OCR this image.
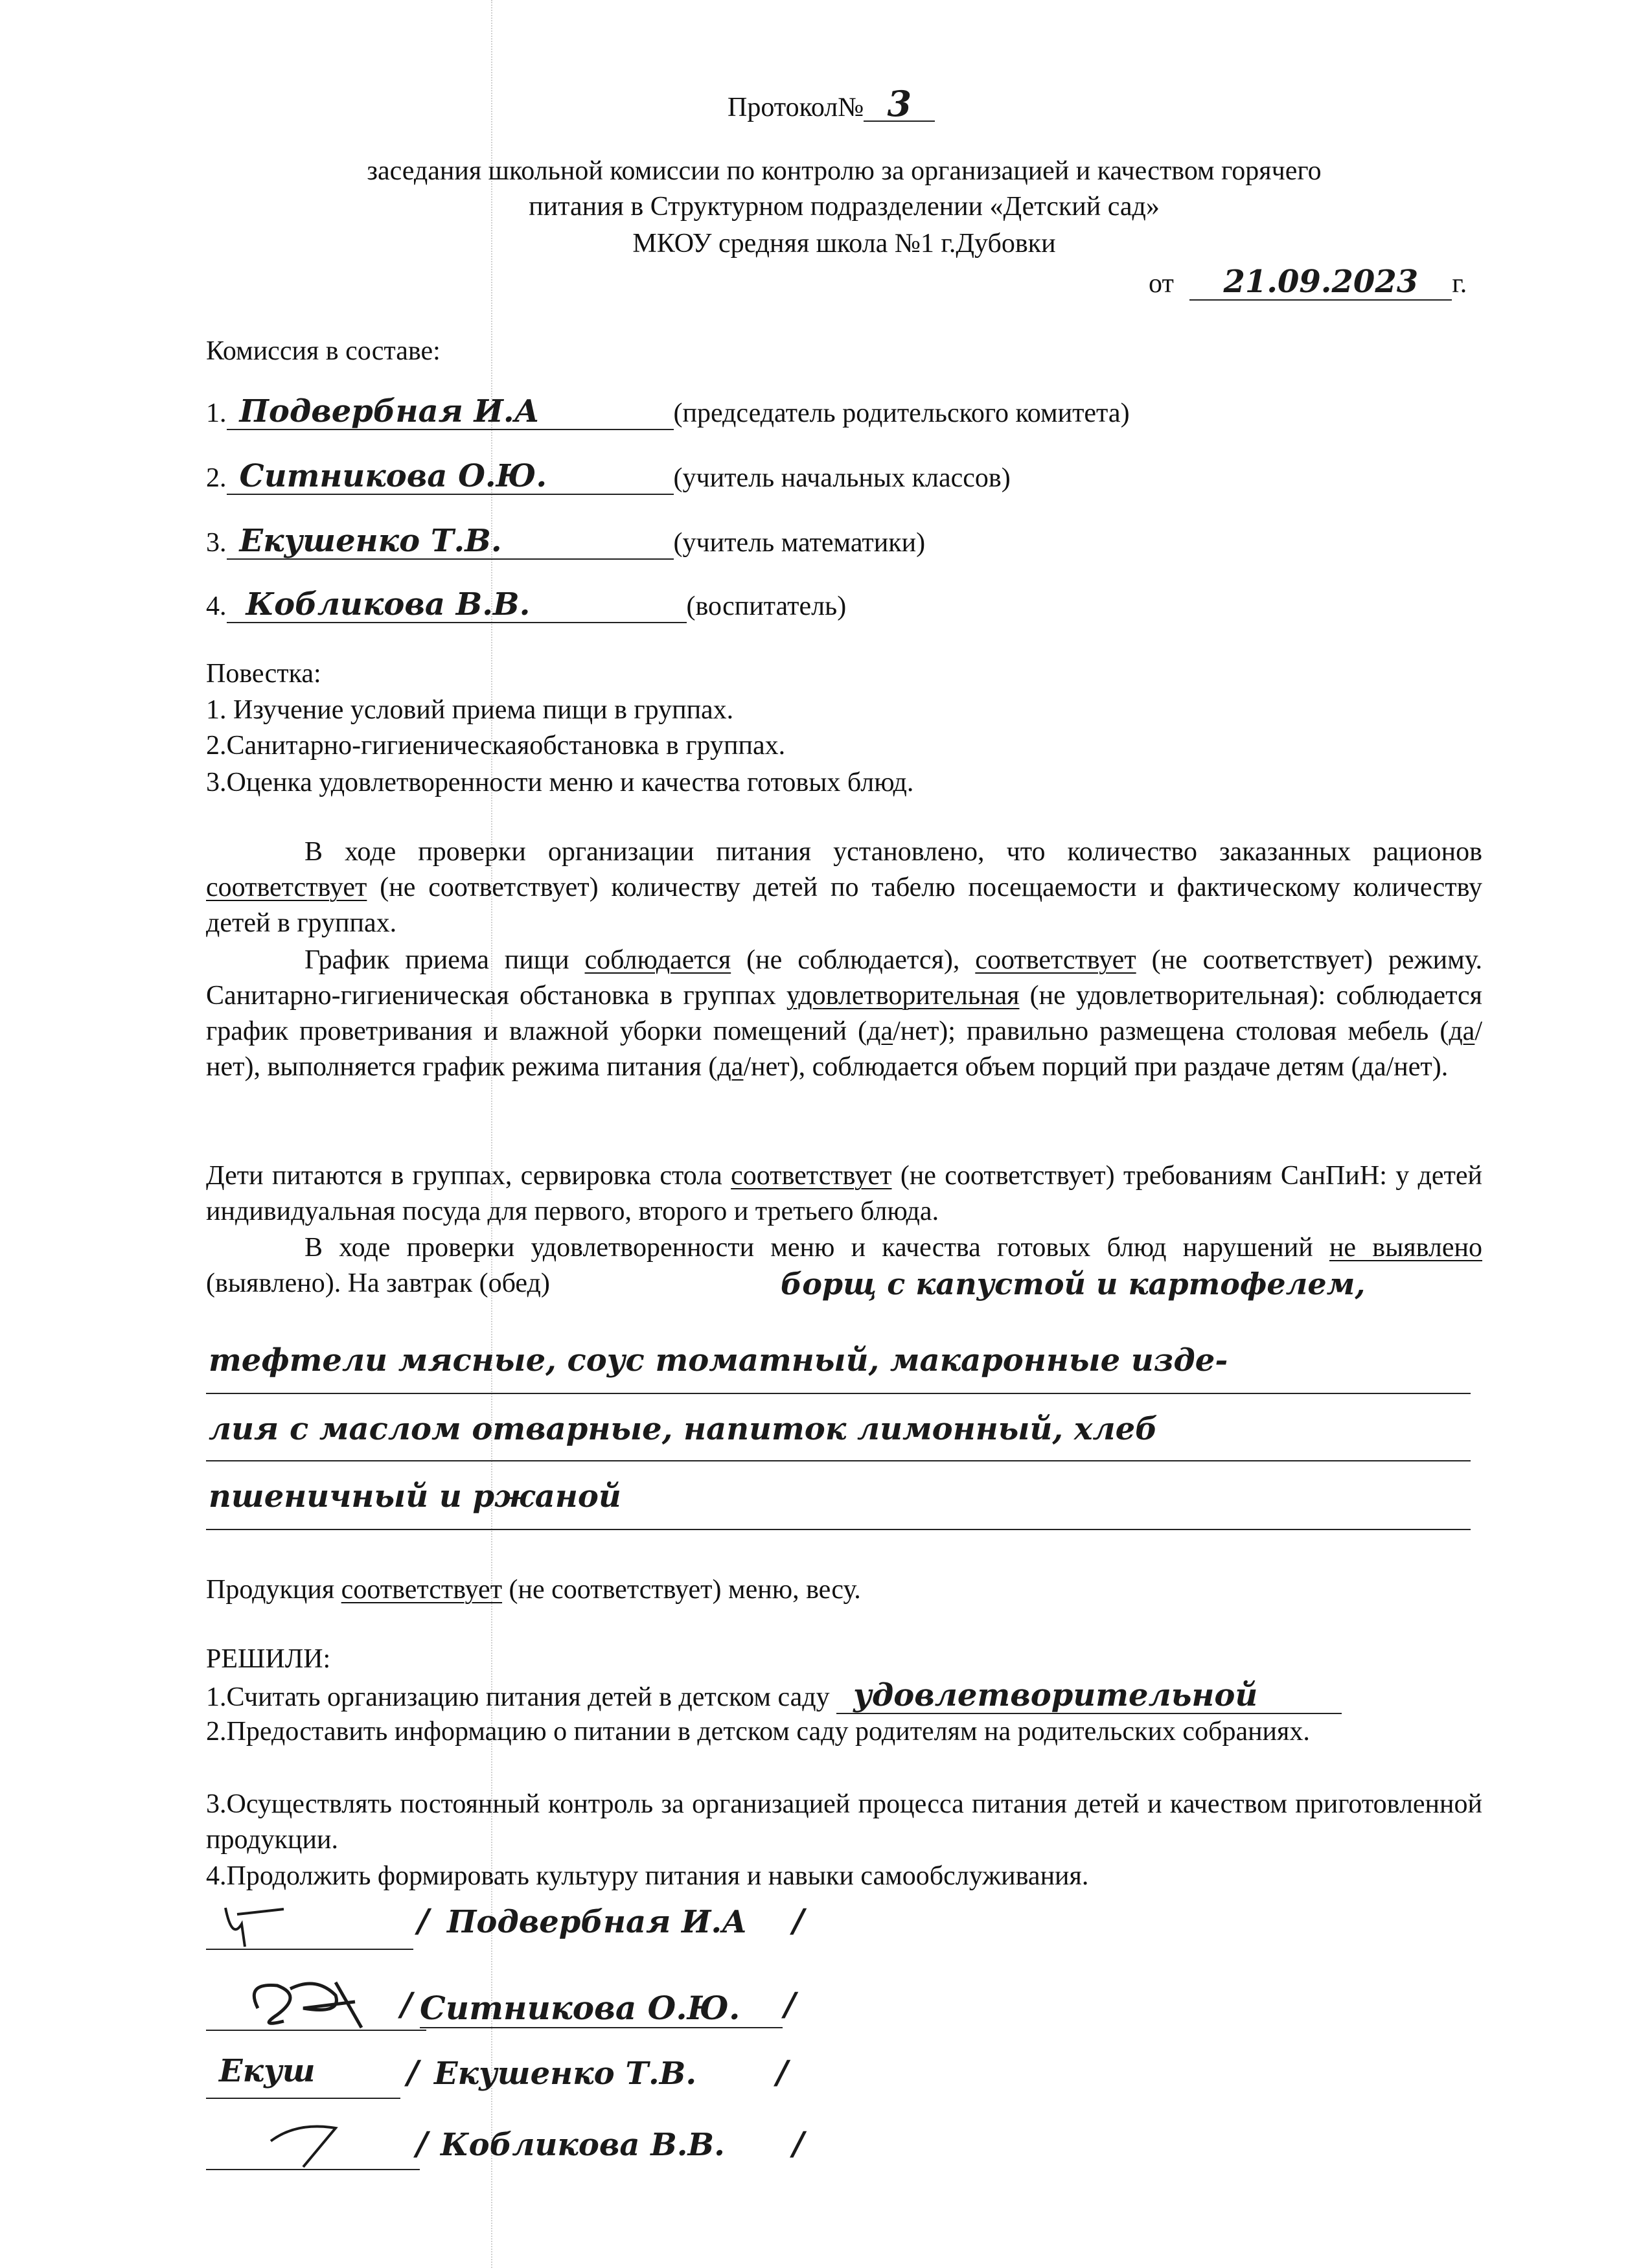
Протокол№ 3
заседания школьной комиссии по контролю за организацией и качеством горячего
питания в Структурном подразделении «Детский сад»
МКОУ средняя школа №1 г.Дубовки
от 21.09.2023 г.
Комиссия в составе:
1. Подвербная И.А	(председатель родительского комитета)
2. Ситникова О.Ю.	(учитель начальных классов)
3. Екушенко Т.В.	(учитель математики)
4. Кобликова В.В.	(воспитатель)
Повестка:
1. Изучение условий приема пищи в группах.
2.Санитарно-гигиеническаяобстановка в группах.
3.Оценка удовлетворенности меню и качества готовых блюд.
В ходе проверки организации питания установлено, что количество заказанных рационов соответствует (не соответствует) количеству детей по табелю посещаемости и фактическому количеству детей в группах.
График приема пищи соблюдается (не соблюдается), соответствует (не соответствует) режиму. Санитарно-гигиеническая обстановка в группах удовлетворительная (не удовлетворительная): соблюдается график проветривания и влажной уборки помещений (да/нет); правильно размещена столовая мебель (да/нет), выполняется график режима питания (да/нет), соблюдается объем порций при раздаче детям (да/нет).
Дети питаются в группах, сервировка стола соответствует (не соответствует) требованиям СанПиН: у детей индивидуальная посуда для первого, второго и третьего блюда.
В ходе проверки удовлетворенности меню и качества готовых блюд нарушений не выявлено (выявлено). На завтрак (обед)	борщ с капустой и картофелем,
тефтели мясные, соус томатный, макаронные изде-
лия с маслом отварные, напиток лимонный, хлеб
пшеничный и ржаной
Продукция соответствует (не соответствует) меню, весу.
РЕШИЛИ:
1.Считать организацию питания детей в детском саду удовлетворительной
2.Предоставить информацию о питании в детском саду родителям на родительских собраниях.
3.Осуществлять постоянный контроль за организацией процесса питания детей и качеством приготовленной продукции.
4.Продолжить формировать культуру питания и навыки самообслуживания.
/ Подвербная И.А /
/ Ситникова О.Ю.	/
Екуш	/ Екушенко Т.В. /
/ Кобликова В.В. /
